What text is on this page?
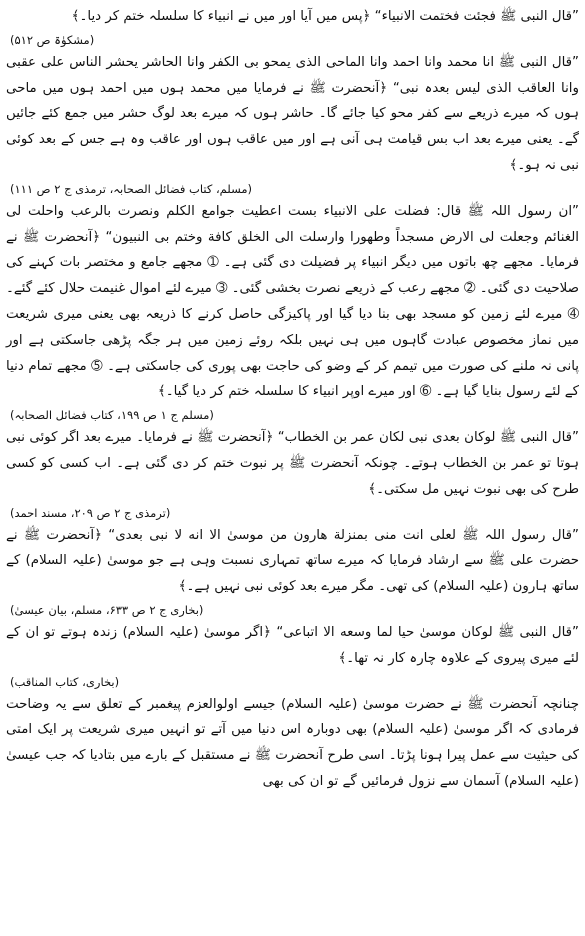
”قال النبی ﷺ فجئت فختمت الانبیاء“ ﴿پس میں آیا اور میں نے انبیاء کا سلسلہ ختم کر دیا۔﴾

(مشکوٰۃ ص ۵۱۲)

”قال النبی ﷺ انا محمد وانا احمد وانا الماحی الذی یمحو بی الکفر وانا الحاشر یحشر الناس علی عقبی وانا العاقب الذی لیس بعدہ نبی“ ﴿آنحضرت ﷺ نے فرمایا میں محمد ہوں میں احمد ہوں میں ماحی ہوں کہ میرے ذریعے سے کفر محو کیا جائے گا۔ حاشر ہوں کہ میرے بعد لوگ حشر میں جمع کئے جائیں گے۔ یعنی میرے بعد اب بس قیامت ہی آنی ہے اور میں عاقب ہوں اور عاقب وہ ہے جس کے بعد کوئی نبی نہ ہو۔﴾

(مسلم، کتاب فضائل الصحابہ، ترمذی ج ۲ ص ۱۱۱)

”ان رسول اللہ ﷺ قال: فضلت علی الانبیاء بست اعطیت جوامع الکلم ونصرت بالرعب واحلت لی الغنائم وجعلت لی الارض مسجداً وطهورا وارسلت الی الخلق کافة وختم بی النبیون“ ﴿آنحضرت ﷺ نے فرمایا۔ مجھے چھ باتوں میں دیگر انبیاء پر فضیلت دی گئی ہے۔ ➀ مجھے جامع و مختصر بات کہنے کی صلاحیت دی گئی۔ ➁ مجھے رعب کے ذریعے نصرت بخشی گئی۔ ➂ میرے لئے اموال غنیمت حلال کئے گئے۔ ➃ میرے لئے زمین کو مسجد بھی بنا دیا گیا اور پاکیزگی حاصل کرنے کا ذریعہ بھی یعنی میری شریعت میں نماز مخصوص عبادت گاہوں میں ہی نہیں بلکہ روئے زمین میں ہر جگہ پڑھی جاسکتی ہے اور پانی نہ ملنے کی صورت میں تیمم کر کے وضو کی حاجت بھی پوری کی جاسکتی ہے۔ ➄ مجھے تمام دنیا کے لئے رسول بنایا گیا ہے۔ ➅ اور میرے اوپر انبیاء کا سلسلہ ختم کر دیا گیا۔﴾

(مسلم ج ۱ ص ۱۹۹، کتاب فضائل الصحابہ)

”قال النبی ﷺ لوکان بعدی نبی لکان عمر بن الخطاب“ ﴿آنحضرت ﷺ نے فرمایا۔ میرے بعد اگر کوئی نبی ہوتا تو عمر بن الخطاب ہوتے۔ چونکہ آنحضرت ﷺ پر نبوت ختم کر دی گئی ہے۔ اب کسی کو کسی طرح کی بھی نبوت نہیں مل سکتی۔﴾

(ترمذی ج ۲ ص ۲۰۹، مسند احمد)

”قال رسول اللہ ﷺ لعلی انت منی بمنزلة هارون من موسیٰ الا انه لا نبی بعدی“ ﴿آنحضرت ﷺ نے حضرت علی ﷺ سے ارشاد فرمایا کہ میرے ساتھ تمہاری نسبت وہی ہے جو موسیٰ (علیہ السلام) کے ساتھ ہارون (علیہ السلام) کی تھی۔ مگر میرے بعد کوئی نبی نہیں ہے۔﴾

(بخاری ج ۲ ص ۶۳۳، مسلم، بیان عیسیٰ)

”قال النبی ﷺ لوکان موسیٰ حیا لما وسعه الا اتباعی“ ﴿اگر موسیٰ (علیہ السلام) زندہ ہوتے تو ان کے لئے میری پیروی کے علاوہ چارہ کار نہ تھا۔﴾

(بخاری، کتاب المناقب)

چنانچہ آنحضرت ﷺ نے حضرت موسیٰ (علیہ السلام) جیسے اولوالعزم پیغمبر کے تعلق سے یہ وضاحت فرمادی کہ اگر موسیٰ (علیہ السلام) بھی دوبارہ اس دنیا میں آتے تو انہیں میری شریعت پر ایک امتی کی حیثیت سے عمل پیرا ہونا پڑتا۔ اسی طرح آنحضرت ﷺ نے مستقبل کے بارے میں بتادیا کہ جب عیسیٰ (علیہ السلام) آسمان سے نزول فرمائیں گے تو ان کی بھی
